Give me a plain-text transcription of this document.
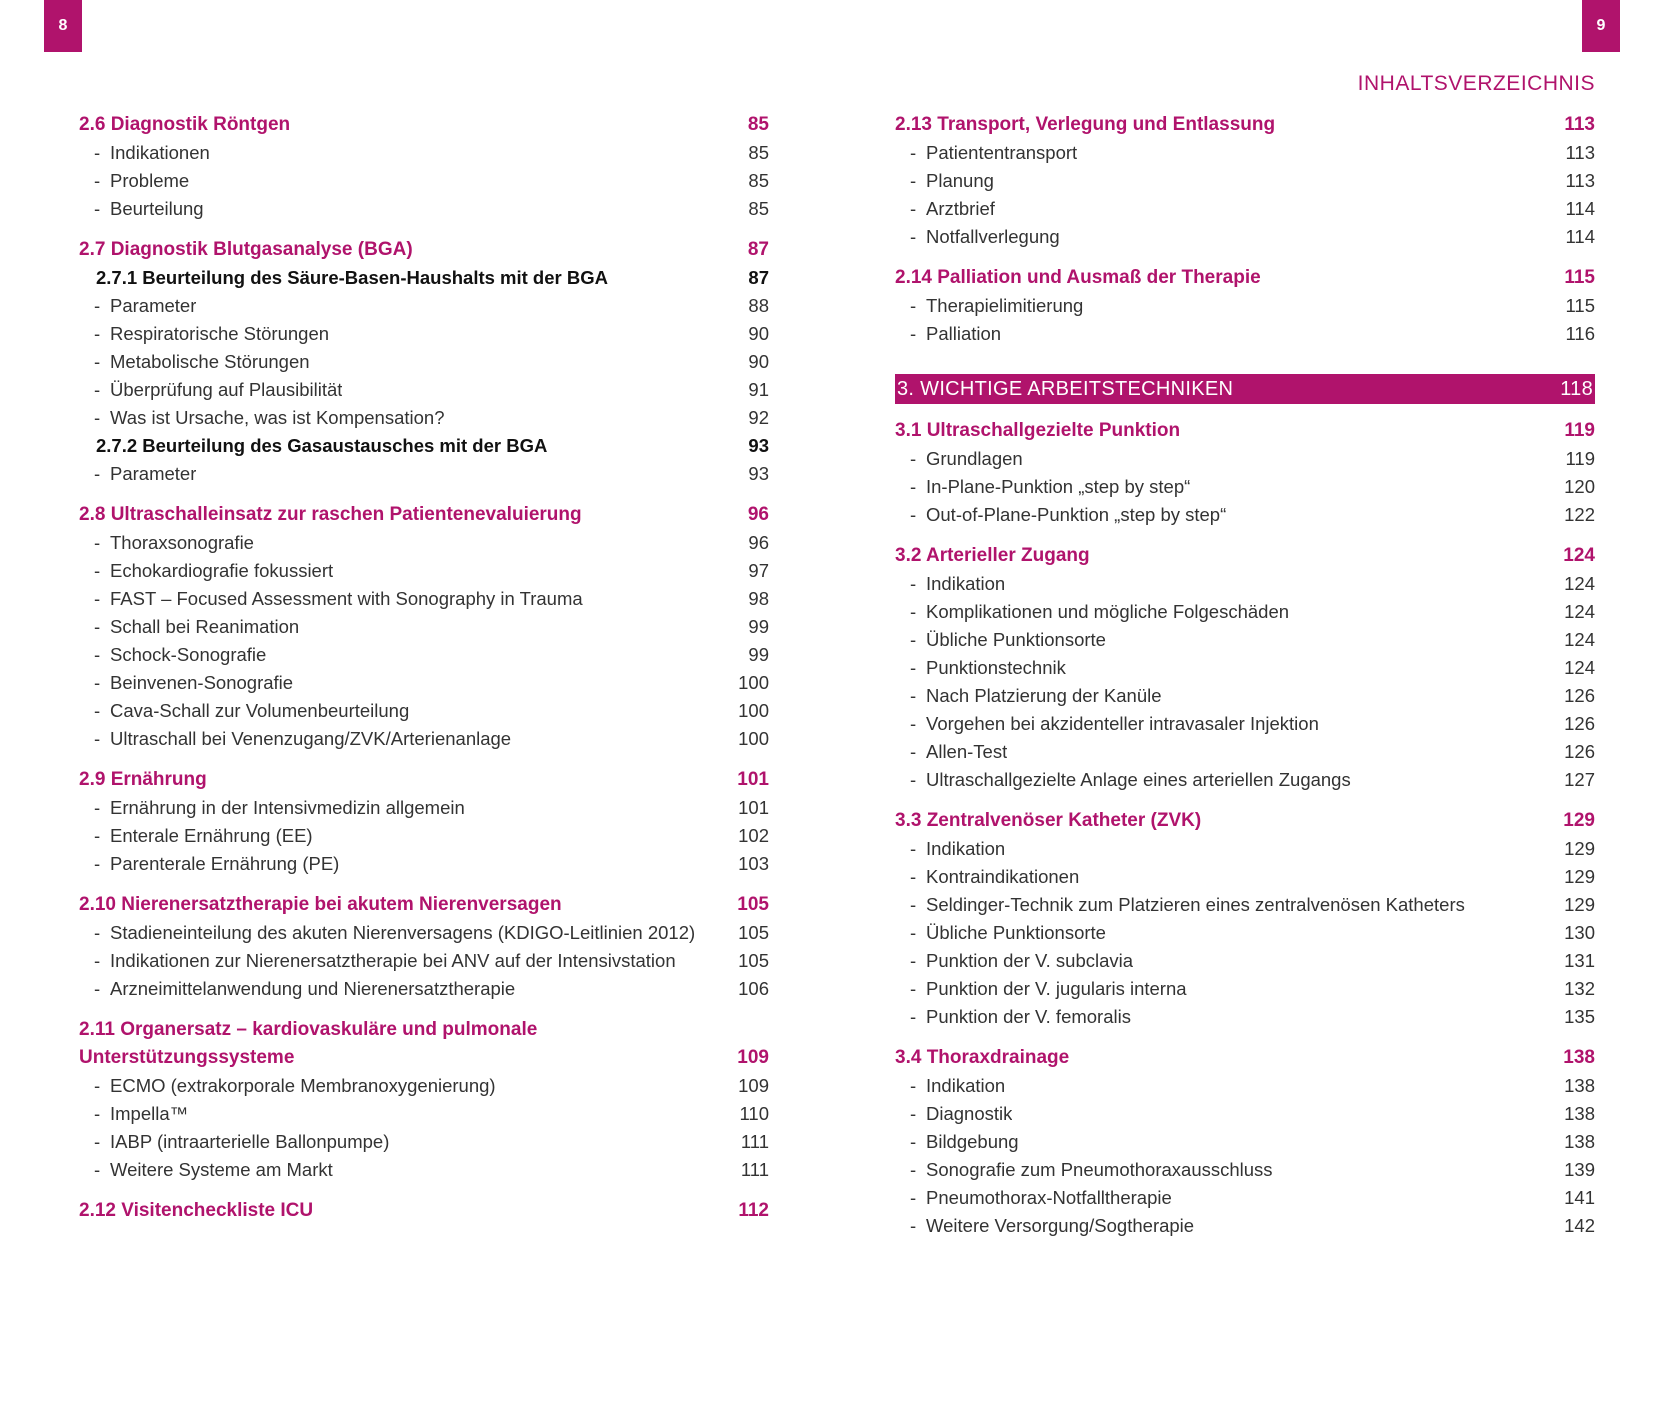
8	9
INHALTSVERZEICHNIS
2.6 Diagnostik Röntgen	85
- Indikationen	85
- Probleme	85
- Beurteilung	85
2.7 Diagnostik Blutgasanalyse (BGA)	87
2.7.1 Beurteilung des Säure-Basen-Haushalts mit der BGA	87
- Parameter	88
- Respiratorische Störungen	90
- Metabolische Störungen	90
- Überprüfung auf Plausibilität	91
- Was ist Ursache, was ist Kompensation?	92
2.7.2 Beurteilung des Gasaustausches mit der BGA	93
- Parameter	93
2.8 Ultraschalleinsatz zur raschen Patientenevaluierung	96
- Thoraxsonografie	96
- Echokardiografie fokussiert	97
- FAST – Focused Assessment with Sonography in Trauma	98
- Schall bei Reanimation	99
- Schock-Sonografie	99
- Beinvenen-Sonografie	100
- Cava-Schall zur Volumenbeurteilung	100
- Ultraschall bei Venenzugang/ZVK/Arterienanlage	100
2.9 Ernährung	101
- Ernährung in der Intensivmedizin allgemein	101
- Enterale Ernährung (EE)	102
- Parenterale Ernährung (PE)	103
2.10 Nierenersatztherapie bei akutem Nierenversagen	105
- Stadieneinteilung des akuten Nierenversagens (KDIGO-Leitlinien 2012)	105
- Indikationen zur Nierenersatztherapie bei ANV auf der Intensivstation	105
- Arzneimittelanwendung und Nierenersatztherapie	106
2.11 Organersatz – kardiovaskuläre und pulmonale
Unterstützungssysteme	109
- ECMO (extrakorporale Membranoxygenierung)	109
- Impella™	110
- IABP (intraarterielle Ballonpumpe)	111
- Weitere Systeme am Markt	111
2.12 Visitencheckliste ICU	112
2.13 Transport, Verlegung und Entlassung	113
- Patiententransport	113
- Planung	113
- Arztbrief	114
- Notfallverlegung	114
2.14 Palliation und Ausmaß der Therapie	115
- Therapielimitierung	115
- Palliation	116
3. WICHTIGE ARBEITSTECHNIKEN	118
3.1 Ultraschallgezielte Punktion	119
- Grundlagen	119
- In-Plane-Punktion „step by step“	120
- Out-of-Plane-Punktion „step by step“	122
3.2 Arterieller Zugang	124
- Indikation	124
- Komplikationen und mögliche Folgeschäden	124
- Übliche Punktionsorte	124
- Punktionstechnik	124
- Nach Platzierung der Kanüle	126
- Vorgehen bei akzidenteller intravasaler Injektion	126
- Allen-Test	126
- Ultraschallgezielte Anlage eines arteriellen Zugangs	127
3.3 Zentralvenöser Katheter (ZVK)	129
- Indikation	129
- Kontraindikationen	129
- Seldinger-Technik zum Platzieren eines zentralvenösen Katheters	129
- Übliche Punktionsorte	130
- Punktion der V. subclavia	131
- Punktion der V. jugularis interna	132
- Punktion der V. femoralis	135
3.4 Thoraxdrainage	138
- Indikation	138
- Diagnostik	138
- Bildgebung	138
- Sonografie zum Pneumothoraxausschluss	139
- Pneumothorax-Notfalltherapie	141
- Weitere Versorgung/Sogtherapie	142
